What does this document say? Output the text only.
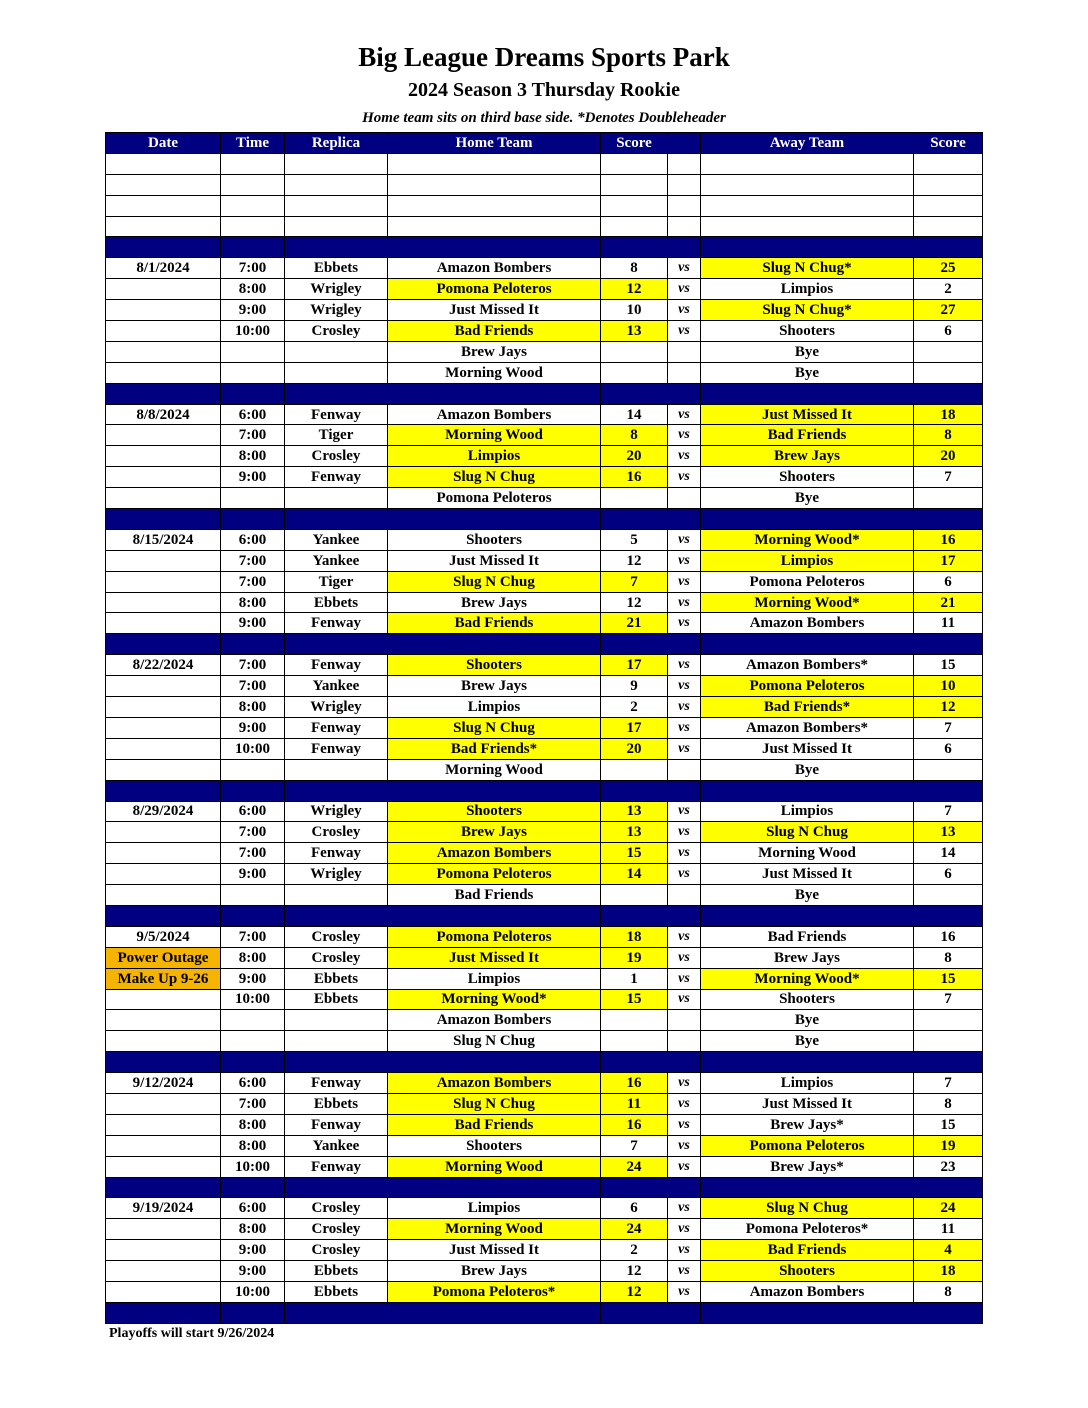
Big League Dreams Sports Park
2024 Season 3 Thursday Rookie
Home team sits on third base side. *Denotes Doubleheader
Date	Time	Replica	Home Team	Score		Away Team	Score

8/1/2024	7:00	Ebbets	Amazon Bombers	8	vs	Slug N Chug*	25
	8:00	Wrigley	Pomona Peloteros	12	vs	Limpios	2
	9:00	Wrigley	Just Missed It	10	vs	Slug N Chug*	27
	10:00	Crosley	Bad Friends	13	vs	Shooters	6
			Brew Jays			Bye	
			Morning Wood			Bye	

8/8/2024	6:00	Fenway	Amazon Bombers	14	vs	Just Missed It	18
	7:00	Tiger	Morning Wood	8	vs	Bad Friends	8
	8:00	Crosley	Limpios	20	vs	Brew Jays	20
	9:00	Fenway	Slug N Chug	16	vs	Shooters	7
			Pomona Peloteros			Bye	

8/15/2024	6:00	Yankee	Shooters	5	vs	Morning Wood*	16
	7:00	Yankee	Just Missed It	12	vs	Limpios	17
	7:00	Tiger	Slug N Chug	7	vs	Pomona Peloteros	6
	8:00	Ebbets	Brew Jays	12	vs	Morning Wood*	21
	9:00	Fenway	Bad Friends	21	vs	Amazon Bombers	11

8/22/2024	7:00	Fenway	Shooters	17	vs	Amazon Bombers*	15
	7:00	Yankee	Brew Jays	9	vs	Pomona Peloteros	10
	8:00	Wrigley	Limpios	2	vs	Bad Friends*	12
	9:00	Fenway	Slug N Chug	17	vs	Amazon Bombers*	7
	10:00	Fenway	Bad Friends*	20	vs	Just Missed It	6
			Morning Wood			Bye	

8/29/2024	6:00	Wrigley	Shooters	13	vs	Limpios	7
	7:00	Crosley	Brew Jays	13	vs	Slug N Chug	13
	7:00	Fenway	Amazon Bombers	15	vs	Morning Wood	14
	9:00	Wrigley	Pomona Peloteros	14	vs	Just Missed It	6
			Bad Friends			Bye	

9/5/2024	7:00	Crosley	Pomona Peloteros	18	vs	Bad Friends	16
Power Outage	8:00	Crosley	Just Missed It	19	vs	Brew Jays	8
Make Up 9-26	9:00	Ebbets	Limpios	1	vs	Morning Wood*	15
	10:00	Ebbets	Morning Wood*	15	vs	Shooters	7
			Amazon Bombers			Bye	
			Slug N Chug			Bye	

9/12/2024	6:00	Fenway	Amazon Bombers	16	vs	Limpios	7
	7:00	Ebbets	Slug N Chug	11	vs	Just Missed It	8
	8:00	Fenway	Bad Friends	16	vs	Brew Jays*	15
	8:00	Yankee	Shooters	7	vs	Pomona Peloteros	19
	10:00	Fenway	Morning Wood	24	vs	Brew Jays*	23

9/19/2024	6:00	Crosley	Limpios	6	vs	Slug N Chug	24
	8:00	Crosley	Morning Wood	24	vs	Pomona Peloteros*	11
	9:00	Crosley	Just Missed It	2	vs	Bad Friends	4
	9:00	Ebbets	Brew Jays	12	vs	Shooters	18
	10:00	Ebbets	Pomona Peloteros*	12	vs	Amazon Bombers	8

Playoffs will start 9/26/2024
